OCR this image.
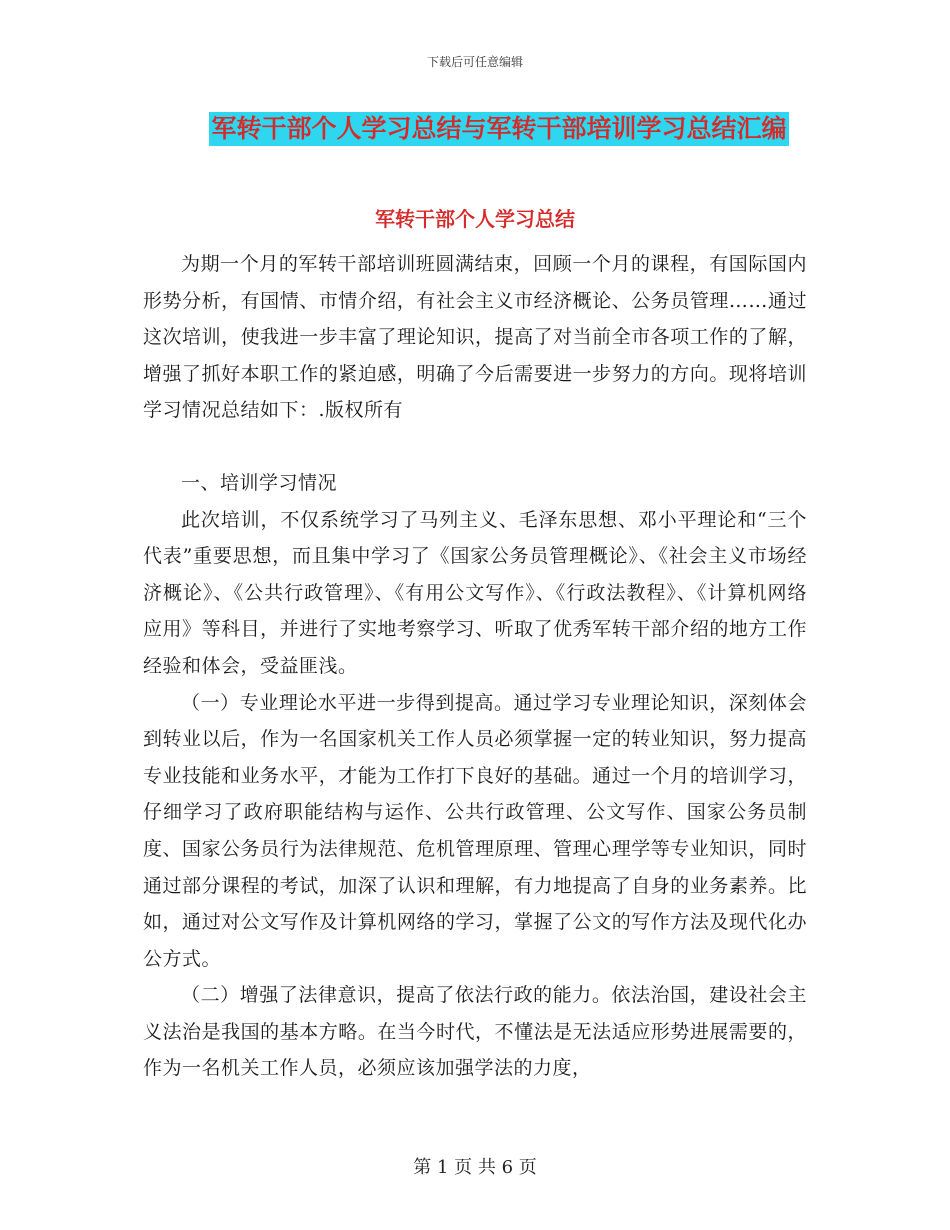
下载后可任意编辑
军转干部个人学习总结与军转干部培训学习总结汇编
军转干部个人学习总结

为期一个月的军转干部培训班圆满结束，回顾一个月的课程，有国际国内形势分析，有国情、市情介绍，有社会主义市经济概论、公务员管理……通过这次培训，使我进一步丰富了理论知识，提高了对当前全市各项工作的了解，增强了抓好本职工作的紧迫感，明确了今后需要进一步努力的方向。现将培训学习情况总结如下：.版权所有

一、培训学习情况

此次培训，不仅系统学习了马列主义、毛泽东思想、邓小平理论和“三个代表”重要思想，而且集中学习了《国家公务员管理概论》、《社会主义市场经济概论》、《公共行政管理》、《有用公文写作》、《行政法教程》、《计算机网络应用》等科目，并进行了实地考察学习、听取了优秀军转干部介绍的地方工作经验和体会，受益匪浅。

（一）专业理论水平进一步得到提高。通过学习专业理论知识，深刻体会到转业以后，作为一名国家机关工作人员必须掌握一定的转业知识，努力提高专业技能和业务水平，才能为工作打下良好的基础。通过一个月的培训学习，仔细学习了政府职能结构与运作、公共行政管理、公文写作、国家公务员制度、国家公务员行为法律规范、危机管理原理、管理心理学等专业知识，同时通过部分课程的考试，加深了认识和理解，有力地提高了自身的业务素养。比如，通过对公文写作及计算机网络的学习，掌握了公文的写作方法及现代化办公方式。

（二）增强了法律意识，提高了依法行政的能力。依法治国，建设社会主义法治是我国的基本方略。在当今时代，不懂法是无法适应形势进展需要的，作为一名机关工作人员，必须应该加强学法的力度，

第 1 页 共 6 页
